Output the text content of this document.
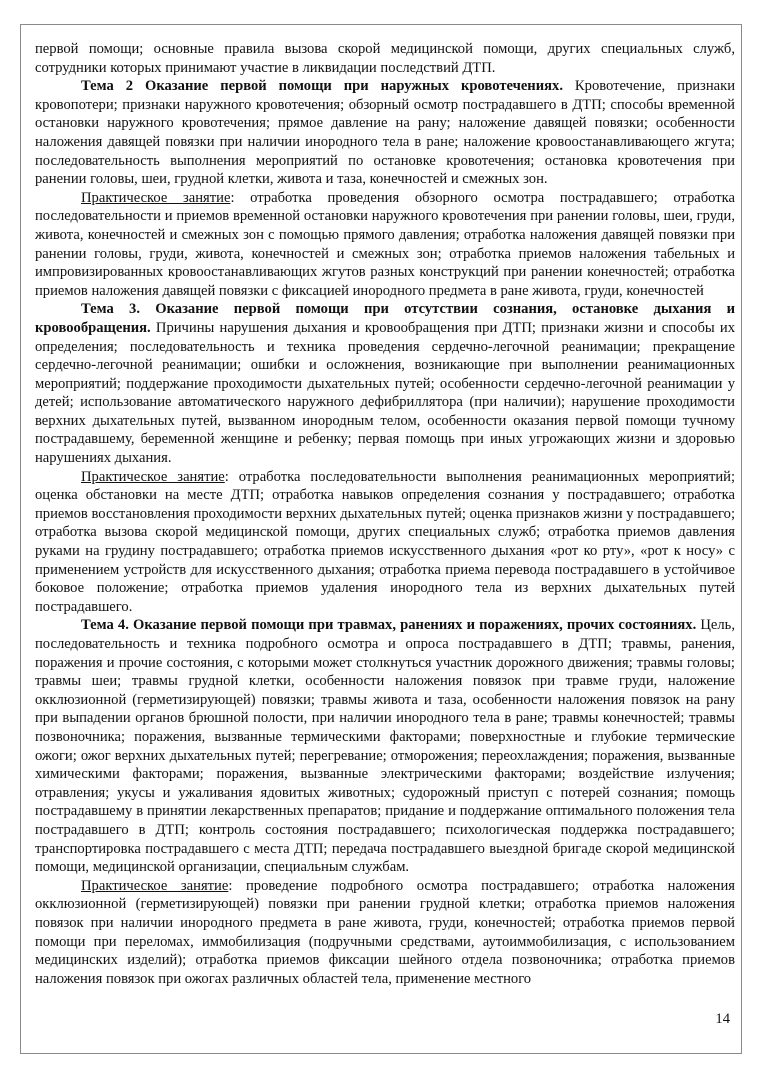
первой помощи; основные правила вызова скорой медицинской помощи, других специальных служб, сотрудники которых принимают участие в ликвидации последствий ДТП.

Тема 2 Оказание первой помощи при наружных кровотечениях. Кровотечение, признаки кровопотери; признаки наружного кровотечения; обзорный осмотр пострадавшего в ДТП; способы временной остановки наружного кровотечения; прямое давление на рану; наложение давящей повязки; особенности наложения давящей повязки при наличии инородного тела в ране; наложение кровоостанавливающего жгута; последовательность выполнения мероприятий по остановке кровотечения; остановка кровотечения при ранении головы, шеи, грудной клетки, живота и таза, конечностей и смежных зон.

Практическое занятие: отработка проведения обзорного осмотра пострадавшего; отработка последовательности и приемов временной остановки наружного кровотечения при ранении головы, шеи, груди, живота, конечностей и смежных зон с помощью прямого давления; отработка наложения давящей повязки при ранении головы, груди, живота, конечностей и смежных зон; отработка приемов наложения табельных и импровизированных кровоостанавливающих жгутов разных конструкций при ранении конечностей; отработка приемов наложения давящей повязки с фиксацией инородного предмета в ране живота, груди, конечностей

Тема 3. Оказание первой помощи при отсутствии сознания, остановке дыхания и кровообращения. Причины нарушения дыхания и кровообращения при ДТП; признаки жизни и способы их определения; последовательность и техника проведения сердечно-легочной реанимации; прекращение сердечно-легочной реанимации; ошибки и осложнения, возникающие при выполнении реанимационных мероприятий; поддержание проходимости дыхательных путей; особенности сердечно-легочной реанимации у детей; использование автоматического наружного дефибриллятора (при наличии); нарушение проходимости верхних дыхательных путей, вызванном инородным телом, особенности оказания первой помощи тучному пострадавшему, беременной женщине и ребенку; первая помощь при иных угрожающих жизни и здоровью нарушениях дыхания.

Практическое занятие: отработка последовательности выполнения реанимационных мероприятий; оценка обстановки на месте ДТП; отработка навыков определения сознания у пострадавшего; отработка приемов восстановления проходимости верхних дыхательных путей; оценка признаков жизни у пострадавшего; отработка вызова скорой медицинской помощи, других специальных служб; отработка приемов давления руками на грудину пострадавшего; отработка приемов искусственного дыхания «рот ко рту», «рот к носу» с применением устройств для искусственного дыхания; отработка приема перевода пострадавшего в устойчивое боковое положение; отработка приемов удаления инородного тела из верхних дыхательных путей пострадавшего.

Тема 4. Оказание первой помощи при травмах, ранениях и поражениях, прочих состояниях. Цель, последовательность и техника подробного осмотра и опроса пострадавшего в ДТП; травмы, ранения, поражения и прочие состояния, с которыми может столкнуться участник дорожного движения; травмы головы; травмы шеи; травмы грудной клетки, особенности наложения повязок при травме груди, наложение окклюзионной (герметизирующей) повязки; травмы живота и таза, особенности наложения повязок на рану при выпадении органов брюшной полости, при наличии инородного тела в ране; травмы конечностей; травмы позвоночника; поражения, вызванные термическими факторами; поверхностные и глубокие термические ожоги; ожог верхних дыхательных путей; перегревание; отморожения; переохлаждения; поражения, вызванные химическими факторами; поражения, вызванные электрическими факторами; воздействие излучения; отравления; укусы и ужаливания ядовитых животных; судорожный приступ с потерей сознания; помощь пострадавшему в принятии лекарственных препаратов; придание и поддержание оптимального положения тела пострадавшего в ДТП; контроль состояния пострадавшего; психологическая поддержка пострадавшего; транспортировка пострадавшего с места ДТП; передача пострадавшего выездной бригаде скорой медицинской помощи, медицинской организации, специальным службам.

Практическое занятие: проведение подробного осмотра пострадавшего; отработка наложения окклюзионной (герметизирующей) повязки при ранении грудной клетки; отработка приемов наложения повязок при наличии инородного предмета в ране живота, груди, конечностей; отработка приемов первой помощи при переломах, иммобилизация (подручными средствами, аутоиммобилизация, с использованием медицинских изделий); отработка приемов фиксации шейного отдела позвоночника; отработка приемов наложения повязок при ожогах различных областей тела, применение местного

14
